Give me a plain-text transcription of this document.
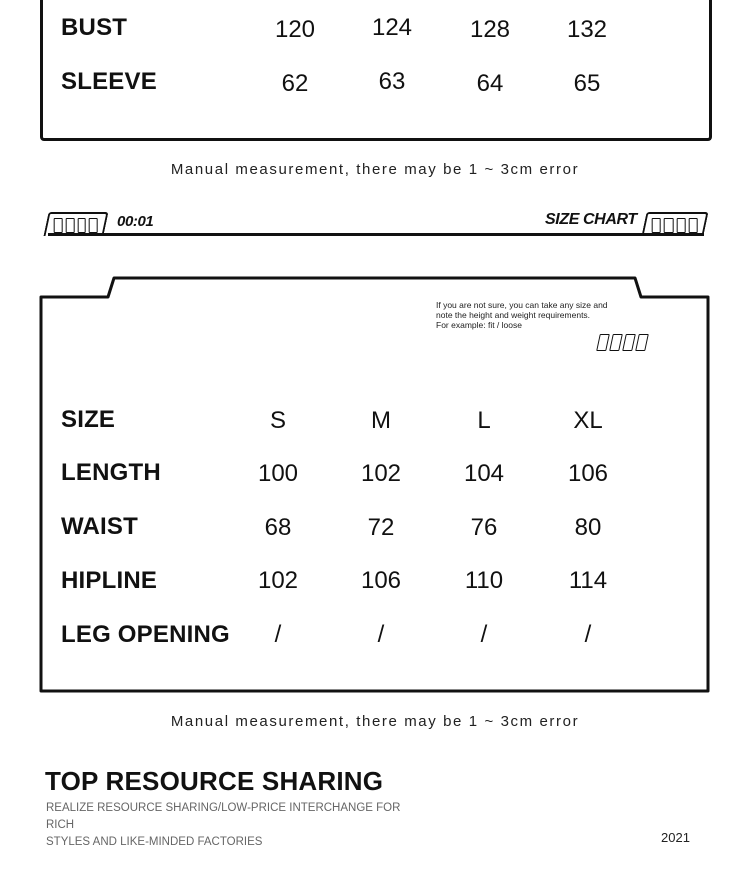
BUST	120	124	128	132
SLEEVE	62	63	64	65
Manual measurement, there may be 1 ~ 3cm error
00:01	SIZE CHART
If you are not sure, you can take any size and
note the height and weight requirements.
For example: fit / loose
SIZE	S	M	L	XL
LENGTH	100	102	104	106
WAIST	68	72	76	80
HIPLINE	102	106	110	114
LEG OPENING	/	/	/	/
Manual measurement, there may be 1 ~ 3cm error
TOP RESOURCE SHARING
REALIZE RESOURCE SHARING/LOW-PRICE INTERCHANGE FOR RICH
STYLES AND LIKE-MINDED FACTORIES	2021
